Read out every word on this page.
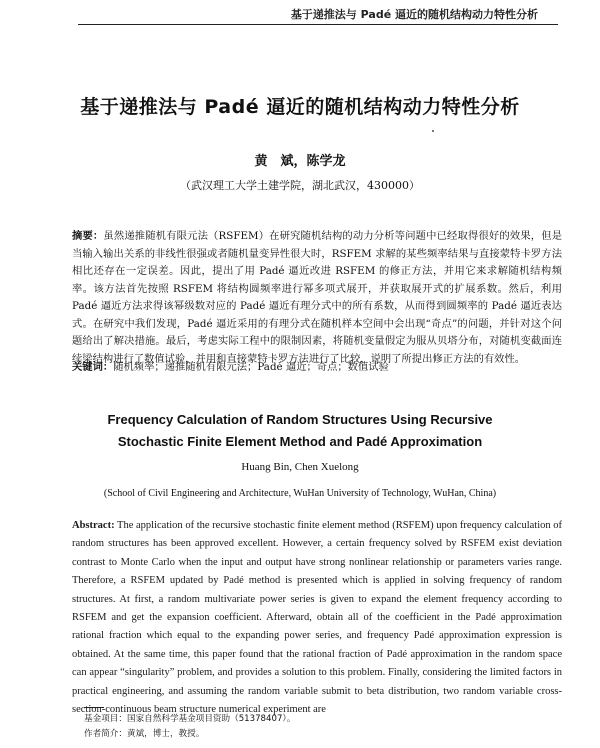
基于递推法与 Padé 逼近的随机结构动力特性分析
基于递推法与 Padé 逼近的随机结构动力特性分析
黄　斌，陈学龙
（武汉理工大学土建学院，湖北武汉，430000）
摘要：虽然递推随机有限元法（RSFEM）在研究随机结构的动力分析等问题中已经取得很好的效果，但是当输入输出关系的非线性很强或者随机量变异性很大时，RSFEM 求解的某些频率结果与直接蒙特卡罗方法相比还存在一定误差。因此，提出了用 Padé 逼近改进 RSFEM 的修正方法，并用它来求解随机结构频率。该方法首先按照 RSFEM 将结构圆频率进行幂多项式展开，并获取展开式的扩展系数。然后，利用 Padé 逼近方法求得该幂级数对应的 Padé 逼近有理分式中的所有系数，从而得到圆频率的 Padé 逼近表达式。在研究中我们发现，Padé 逼近采用的有理分式在随机样本空间中会出现“奇点”的问题，并针对这个问题给出了解决措施。最后，考虑实际工程中的限制因素，将随机变量假定为服从贝塔分布，对随机变截面连续梁结构进行了数值试验，并用和直接蒙特卡罗方法进行了比较，说明了所提出修正方法的有效性。
关键词：随机频率；递推随机有限元法；Padé 逼近；奇点；数值试验
Frequency Calculation of Random Structures Using Recursive
Stochastic Finite Element Method and Padé Approximation
Huang Bin, Chen Xuelong
(School of Civil Engineering and Architecture, WuHan University of Technology, WuHan, China)
Abstract: The application of the recursive stochastic finite element method (RSFEM) upon frequency calculation of random structures has been approved excellent. However, a certain frequency solved by RSFEM exist deviation contrast to Monte Carlo when the input and output have strong nonlinear relationship or parameters varies range. Therefore, a RSFEM updated by Padé method is presented which is applied in solving frequency of random structures. At first, a random multivariate power series is given to expand the element frequency according to RSFEM and get the expansion coefficient. Afterward, obtain all of the coefficient in the Padé approximation rational fraction which equal to the expanding power series, and frequency Padé approximation expression is obtained. At the same time, this paper found that the rational fraction of Padé approximation in the random space can appear “singularity” problem, and provides a solution to this problem. Finally, considering the limited factors in practical engineering, and assuming the random variable submit to beta distribution, two random variable cross-section-continuous beam structure numerical experiment are
基金项目：国家自然科学基金项目资助（51378407）。
作者简介：黄斌，博士，教授。
